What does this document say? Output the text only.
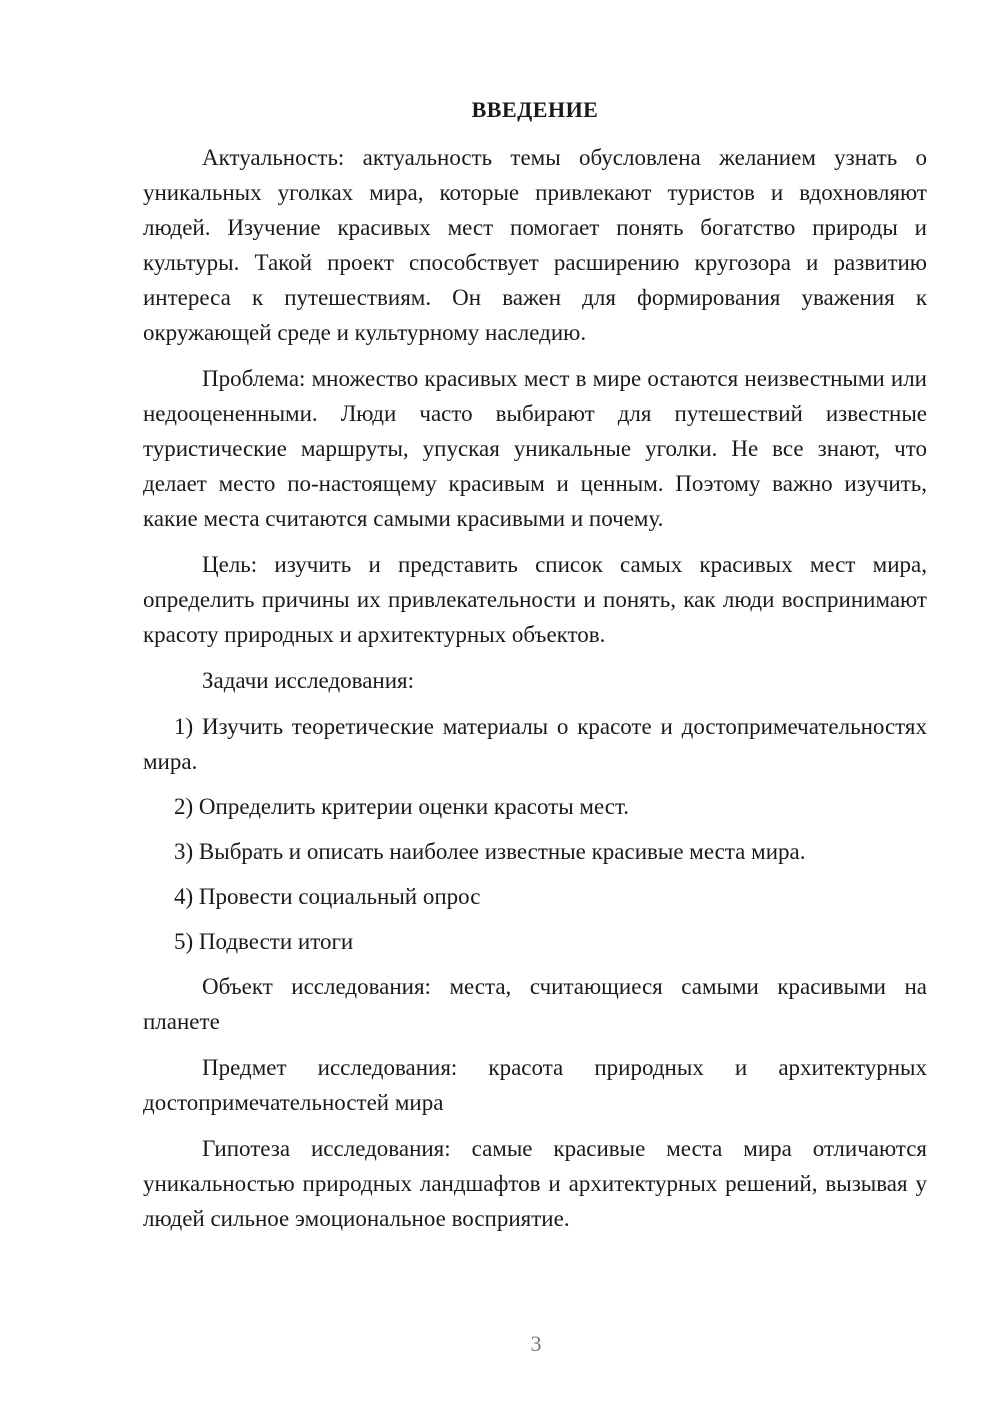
ВВЕДЕНИЕ

Актуальность: актуальность темы обусловлена желанием узнать о уникальных уголках мира, которые привлекают туристов и вдохновляют людей. Изучение красивых мест помогает понять богатство природы и культуры. Такой проект способствует расширению кругозора и развитию интереса к путешествиям. Он важен для формирования уважения к окружающей среде и культурному наследию.

Проблема: множество красивых мест в мире остаются неизвестными или недооцененными. Люди часто выбирают для путешествий известные туристические маршруты, упуская уникальные уголки. Не все знают, что делает место по-настоящему красивым и ценным. Поэтому важно изучить, какие места считаются самыми красивыми и почему.

Цель: изучить и представить список самых красивых мест мира, определить причины их привлекательности и понять, как люди воспринимают красоту природных и архитектурных объектов.

Задачи исследования:

1) Изучить теоретические материалы о красоте и достопримечательностях мира.

2) Определить критерии оценки красоты мест.

3) Выбрать и описать наиболее известные красивые места мира.

4) Провести социальный опрос

5) Подвести итоги

Объект исследования: места, считающиеся самыми красивыми на планете

Предмет исследования: красота природных и архитектурных достопримечательностей мира

Гипотеза исследования: самые красивые места мира отличаются уникальностью природных ландшафтов и архитектурных решений, вызывая у людей сильное эмоциональное восприятие.

3
